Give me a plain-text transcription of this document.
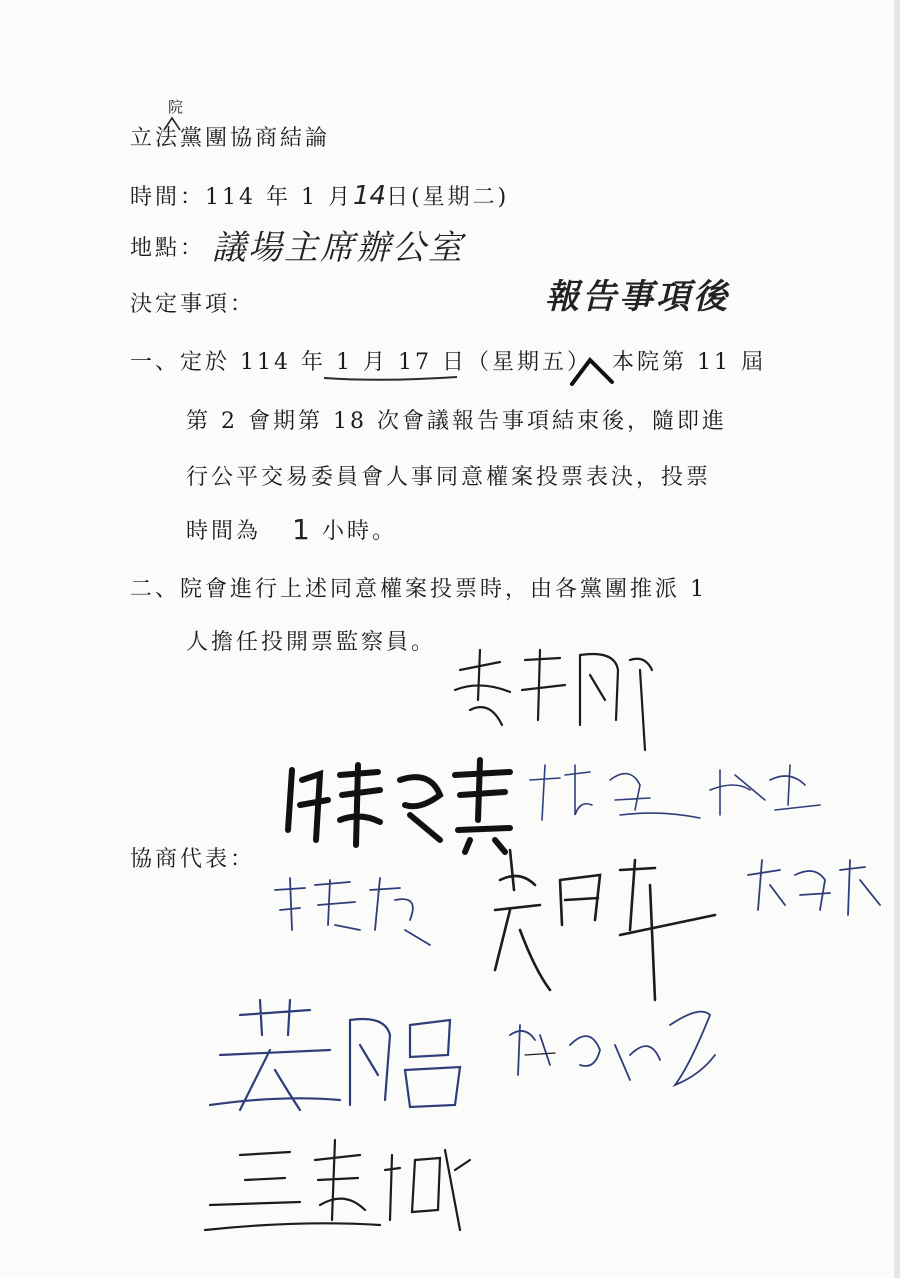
立法黨團協商結論
院
時間：114 年 1 月14日(星期二)
地點： 議場主席辦公室
決定事項：	報告事項後
一、定於 114 年 1 月 17 日（星期五） 本院第 11 屆
第 2 會期第 18 次會議報告事項結束後，隨即進
行公平交易委員會人事同意權案投票表決，投票
時間為 1 小時。
二、院會進行上述同意權案投票時，由各黨團推派 1
人擔任投開票監察員。
協商代表：
